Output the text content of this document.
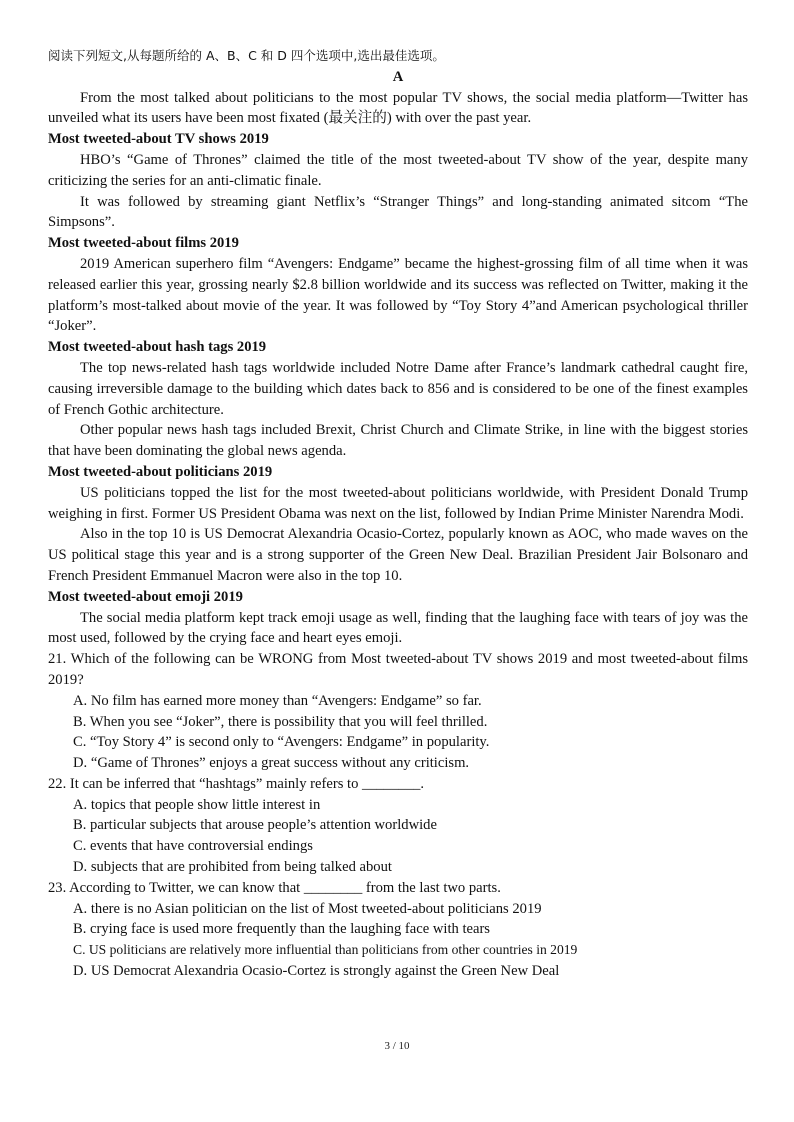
阅读下列短文,从每题所给的 A、B、C 和 D 四个选项中,选出最佳选项。

A

From the most talked about politicians to the most popular TV shows, the social media platform—Twitter has unveiled what its users have been most fixated (最关注的) with over the past year.

Most tweeted-about TV shows 2019

HBO’s “Game of Thrones” claimed the title of the most tweeted-about TV show of the year, despite many criticizing the series for an anti-climatic finale.

It was followed by streaming giant Netflix’s “Stranger Things” and long-standing animated sitcom “The Simpsons”.

Most tweeted-about films 2019

2019 American superhero film “Avengers: Endgame” became the highest-grossing film of all time when it was released earlier this year, grossing nearly $2.8 billion worldwide and its success was reflected on Twitter, making it the platform’s most-talked about movie of the year. It was followed by “Toy Story 4”and American psychological thriller “Joker”.

Most tweeted-about hash tags 2019

The top news-related hash tags worldwide included Notre Dame after France’s landmark cathedral caught fire, causing irreversible damage to the building which dates back to 856 and is considered to be one of the finest examples of French Gothic architecture.

Other popular news hash tags included Brexit, Christ Church and Climate Strike, in line with the biggest stories that have been dominating the global news agenda.

Most tweeted-about politicians 2019

US politicians topped the list for the most tweeted-about politicians worldwide, with President Donald Trump weighing in first. Former US President Obama was next on the list, followed by Indian Prime Minister Narendra Modi.

Also in the top 10 is US Democrat Alexandria Ocasio-Cortez, popularly known as AOC, who made waves on the US political stage this year and is a strong supporter of the Green New Deal. Brazilian President Jair Bolsonaro and French President Emmanuel Macron were also in the top 10.

Most tweeted-about emoji 2019

The social media platform kept track emoji usage as well, finding that the laughing face with tears of joy was the most used, followed by the crying face and heart eyes emoji.

21. Which of the following can be WRONG from Most tweeted-about TV shows 2019 and most tweeted-about films 2019?

A. No film has earned more money than “Avengers: Endgame” so far.

B. When you see “Joker”, there is possibility that you will feel thrilled.

C. “Toy Story 4” is second only to “Avengers: Endgame” in popularity.

D. “Game of Thrones” enjoys a great success without any criticism.

22. It can be inferred that “hashtags” mainly refers to ________.

A. topics that people show little interest in

B. particular subjects that arouse people’s attention worldwide

C. events that have controversial endings

D. subjects that are prohibited from being talked about

23. According to Twitter, we can know that ________ from the last two parts.

A. there is no Asian politician on the list of Most tweeted-about politicians 2019

B. crying face is used more frequently than the laughing face with tears

C. US politicians are relatively more influential than politicians from other countries in 2019

D. US Democrat Alexandria Ocasio-Cortez is strongly against the Green New Deal

3 / 10
